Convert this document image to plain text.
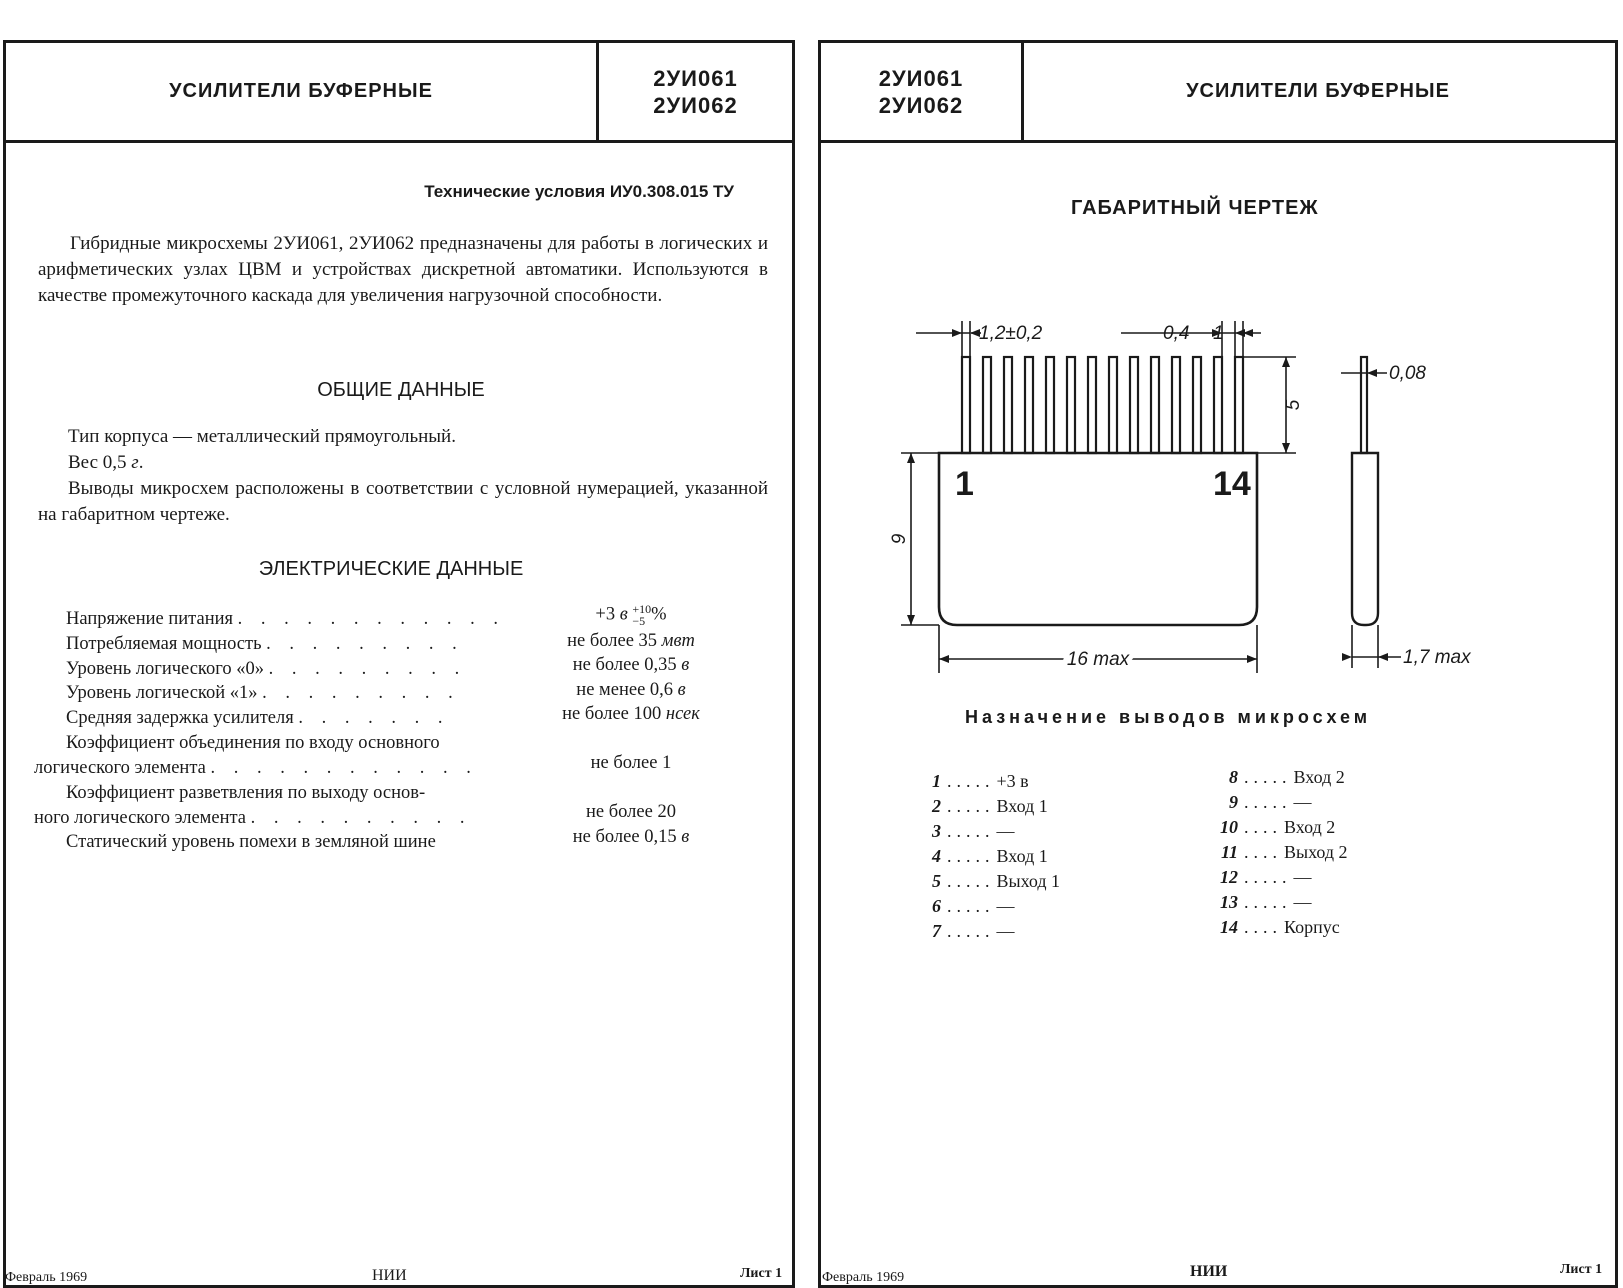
УСИЛИТЕЛИ БУФЕРНЫЕ
2УИ061
2УИ062
Технические условия ИУ0.308.015 ТУ

Гибридные микросхемы 2УИ061, 2УИ062 предназначены для работы в логических и арифметических узлах ЦВМ и устройствах дискретной автоматики. Используются в качестве промежуточного каскада для увеличения нагрузочной способности.

ОБЩИЕ ДАННЫЕ
Тип корпуса — металлический прямоугольный.
Вес 0,5 г.

Выводы микросхем расположены в соответствии с условной нумерацией, указанной на габаритном чертеже.

ЭЛЕКТРИЧЕСКИЕ ДАННЫЕ
Напряжение питания . . . . . . . . . . . .	+3 в +10
−5 %
Потребляемая мощность . . . . . . . . .	не более 35 мвт
Уровень логического «0» . . . . . . . . .	не более 0,35 в
Уровень логической «1» . . . . . . . . .	не менее 0,6 в
Средняя задержка усилителя . . . . . . .	не более 100 нсек
Коэффициент объединения по входу основного
логического элемента . . . . . . . . . . . .	не более 1
Коэффициент разветвления по выходу основ-
ного логического элемента . . . . . . . . . .	не более 20
Статический уровень помехи в земляной шине	не более 0,15 в
Февраль 1969	НИИ	Лист 1
2УИ061
2УИ062
УСИЛИТЕЛИ БУФЕРНЫЕ
ГАБАРИТНЫЙ ЧЕРТЕЖ
1,2±0,2	0,4 1
5
9
16 max
0,08
1,7 max
1	14
Назначение выводов микросхем
1 ..... +3 в
2 ..... Вход 1
3 ..... —
4 ..... Вход 1
5 ..... Выход 1
6 ..... —
7 ..... —
8 ..... Вход 2
9 ..... —
10 .... Вход 2
11 .... Выход 2
12 ..... —
13 ..... —
14 .... Корпус
Февраль 1969	НИИ	Лист 1
